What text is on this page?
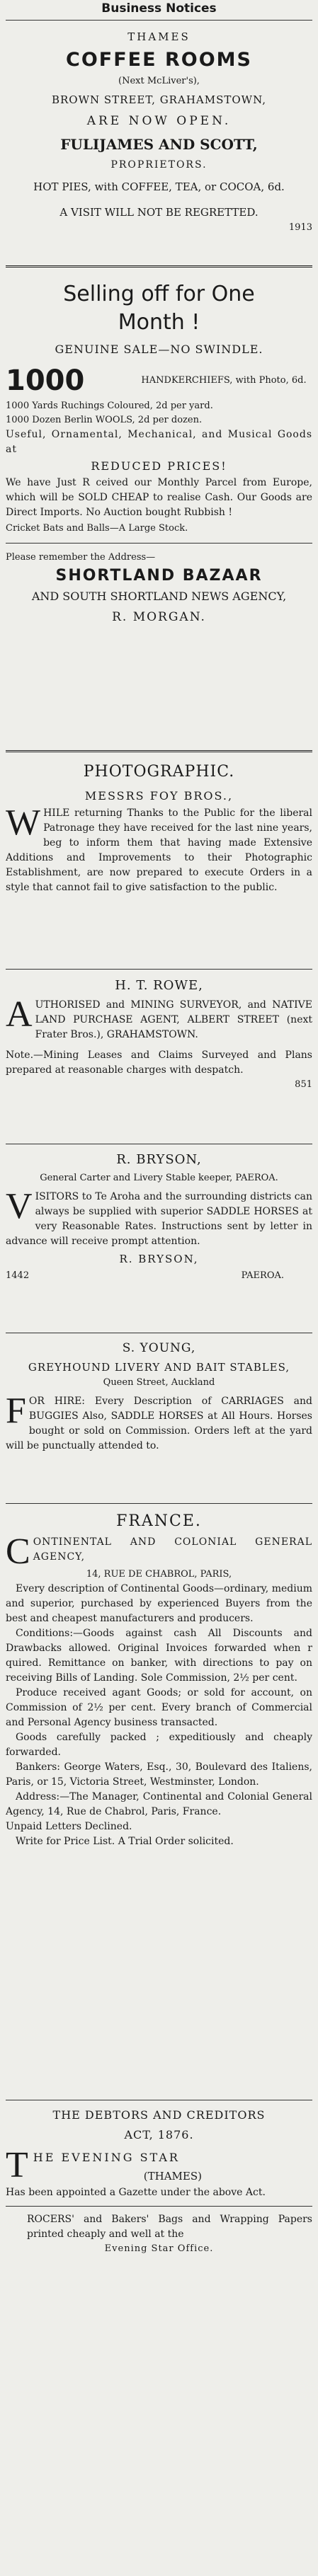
Business Notices

THAMES

COFFEE ROOMS

(Next McLiver's),

BROWN STREET, GRAHAMSTOWN,

ARE NOW OPEN.

FULIJAMES AND SCOTT,

PROPRIETORS.

HOT PIES, with COFFEE, TEA, or COCOA, 6d.

A VISIT WILL NOT BE REGRETTED.

1913

Selling off for One

Month !

GENUINE SALE—NO SWINDLE.

1000	HANDKERCHIEFS, with Photo, 6d.

1000 Yards Ruchings Coloured, 2d per yard.

1000 Dozen Berlin WOOLS, 2d per dozen.

Useful, Ornamental, Mechanical, and Musical Goods at

REDUCED PRICES!

We have Just R ceived our Monthly Parcel from Europe, which will be SOLD CHEAP to realise Cash. Our Goods are Direct Imports. No Auction bought Rubbish !

Cricket Bats and Balls—A Large Stock.

Please remember the Address—

SHORTLAND BAZAAR

AND SOUTH SHORTLAND NEWS AGENCY,

R. MORGAN.

PHOTOGRAPHIC.

MESSRS FOY BROS.,

W HILE returning Thanks to the Public for the liberal Patronage they have received for the last nine years, beg to inform them that having made Extensive Additions and Improvements to their Photographic Establishment, are now prepared to execute Orders in a style that cannot fail to give satisfaction to the public.

H. T. ROWE,

A UTHORISED and MINING SURVEYOR, and NATIVE LAND PURCHASE AGENT, ALBERT STREET (next Frater Bros.), GRAHAMSTOWN.

Note.—Mining Leases and Claims Surveyed and Plans prepared at reasonable charges with despatch.

851

R. BRYSON,

General Carter and Livery Stable keeper, PAEROA.

V ISITORS to Te Aroha and the surrounding districts can always be supplied with superior SADDLE HORSES at very Reasonable Rates. Instructions sent by letter in advance will receive prompt attention.

R. BRYSON,

1442	PAEROA.

S. YOUNG,

GREYHOUND LIVERY AND BAIT STABLES,

Queen Street, Auckland

F OR HIRE: Every Description of CARRIAGES and BUGGIES Also, SADDLE HORSES at All Hours. Horses bought or sold on Commission. Orders left at the yard will be punctually attended to.

FRANCE.

C ONTINENTAL AND COLONIAL GENERAL AGENCY,

14, RUE DE CHABROL, PARIS,

Every description of Continental Goods—ordinary, medium and superior, purchased by experienced Buyers from the best and cheapest manufacturers and producers.

Conditions:—Goods against cash All Discounts and Drawbacks allowed. Original Invoices forwarded when r quired. Remittance on banker, with directions to pay on receiving Bills of Landing. Sole Commission, 2½ per cent.

Produce received agant Goods; or sold for account, on Commission of 2½ per cent. Every branch of Commercial and Personal Agency business transacted.

Goods carefully packed ; expeditiously and cheaply forwarded.

Bankers: George Waters, Esq., 30, Boulevard des Italiens, Paris, or 15, Victoria Street, Westminster, London.

Address:—The Manager, Continental and Colonial General Agency, 14, Rue de Chabrol, Paris, France.

Unpaid Letters Declined.

Write for Price List. A Trial Order solicited.

THE DEBTORS AND CREDITORS

ACT, 1876.

T HE EVENING STAR

(THAMES)

Has been appointed a Gazette under the above Act.

ROCERS' and Bakers' Bags and Wrapping Papers printed cheaply and well at the

Evening Star Office.
